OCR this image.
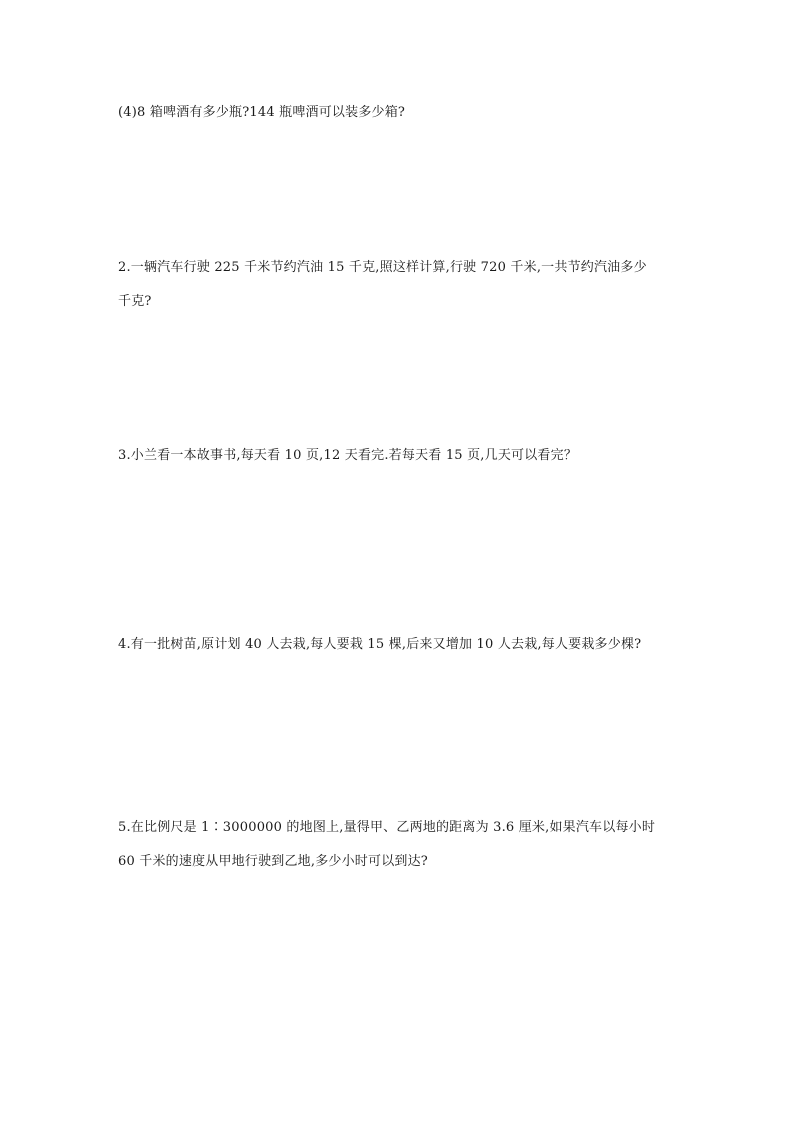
(4)8 箱啤酒有多少瓶?144 瓶啤酒可以装多少箱?
2.一辆汽车行驶 225 千米节约汽油 15 千克,照这样计算,行驶 720 千米,一共节约汽油多少
千克?
3.小兰看一本故事书,每天看 10 页,12 天看完.若每天看 15 页,几天可以看完？
4.有一批树苗,原计划 40 人去栽,每人要栽 15 棵,后来又增加 10 人去栽,每人要栽多少棵?
5.在比例尺是 1∶3000000 的地图上,量得甲、乙两地的距离为 3.6 厘米,如果汽车以每小时
60 千米的速度从甲地行驶到乙地,多少小时可以到达?
